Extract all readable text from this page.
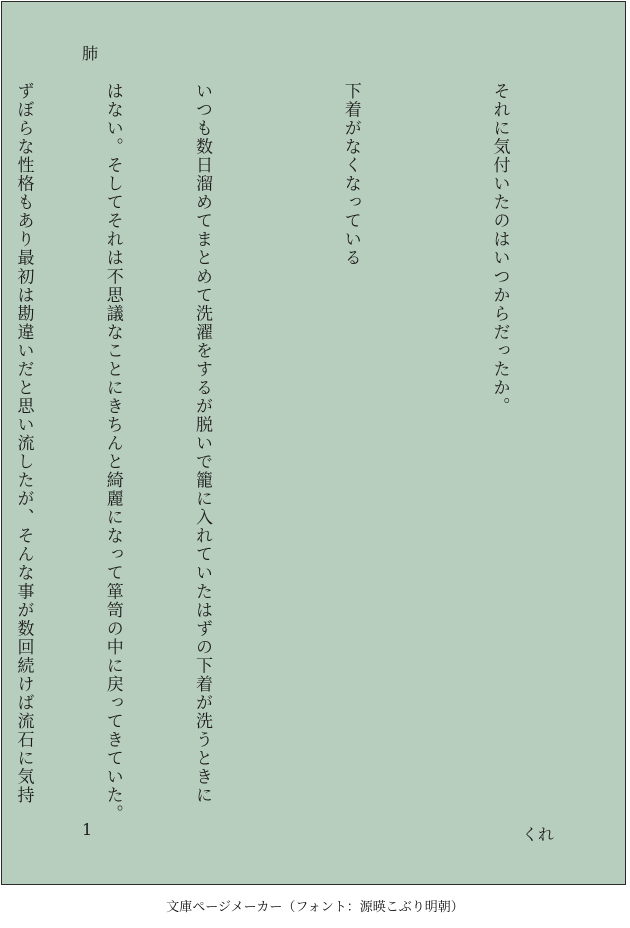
肺

それに気付いたのはいつからだったか。

下着がなくなっている

いつも数日溜めてまとめて洗濯をするが脱いで籠に入れていたはずの下着が洗うときに

はない。そしてそれは不思議なことにきちんと綺麗になって箪笥の中に戻ってきていた。

ずぼらな性格もあり最初は勘違いだと思い流したが、そんな事が数回続けば流石に気持

1	くれ
文庫ページメーカー（フォント：源暎こぶり明朝）
